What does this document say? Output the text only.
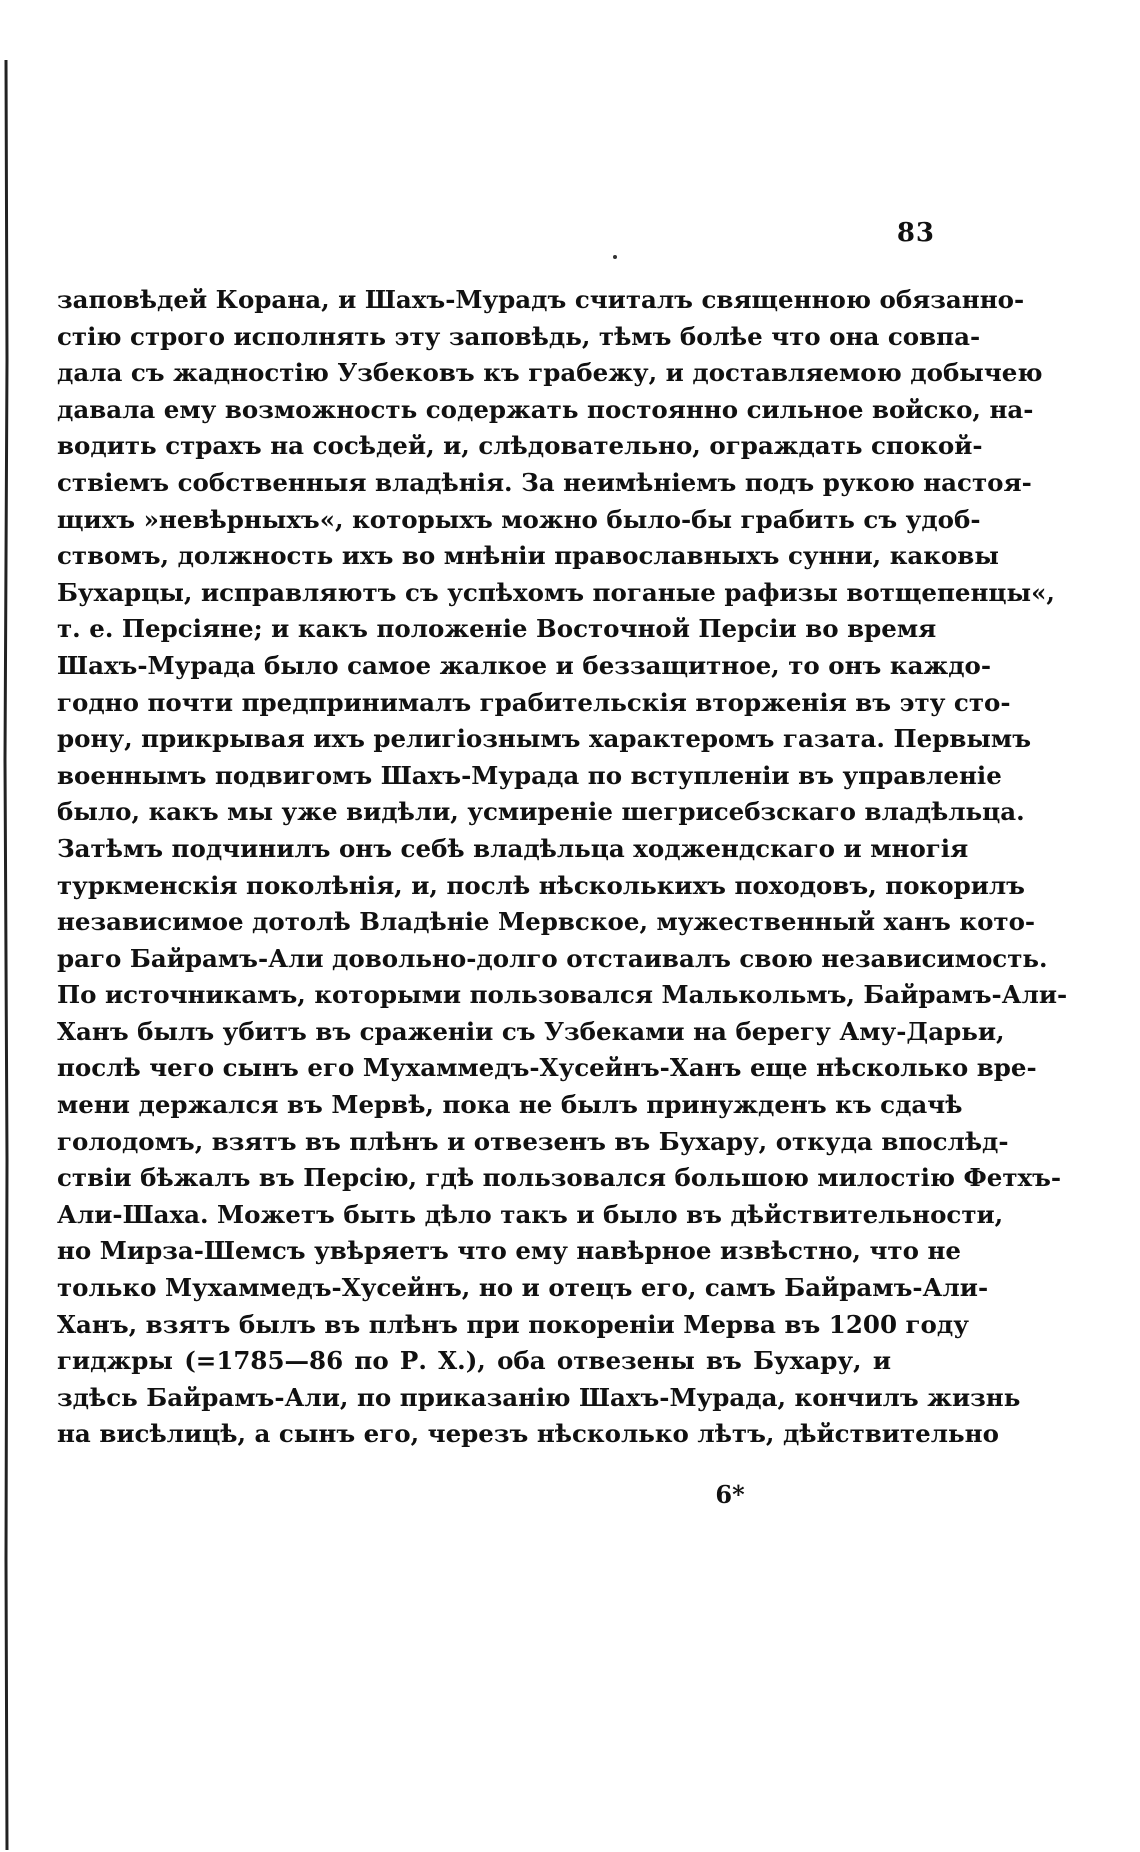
83
заповѣдей Корана, и Шахъ-Мурадъ считалъ священною обязанно-
стію строго исполнять эту заповѣдь, тѣмъ болѣе что она совпа-
дала съ жадностію Узбековъ къ грабежу, и доставляемою добычею
давала ему возможность содержать постоянно сильное войско, на-
водить страхъ на сосѣдей, и, слѣдовательно, ограждать спокой-
ствіемъ собственныя владѣнія. За неимѣніемъ подъ рукою настоя-
щихъ »невѣрныхъ«, которыхъ можно было-бы грабить съ удоб-
ствомъ, должность ихъ во мнѣніи православныхъ сунни, каковы
Бухарцы, исправляютъ съ успѣхомъ поганые рафизы вотщепенцы«,
т. е. Персіяне; и какъ положеніе Восточной Персіи во время
Шахъ-Мурада было самое жалкое и беззащитное, то онъ каждо-
годно почти предпринималъ грабительскія вторженія въ эту сто-
рону, прикрывая ихъ религіознымъ характеромъ газата. Первымъ
военнымъ подвигомъ Шахъ-Мурада по вступленіи въ управленіе
было, какъ мы уже видѣли, усмиреніе шегрисебзскаго владѣльца.
Затѣмъ подчинилъ онъ себѣ владѣльца ходжендскаго и многія
туркменскія поколѣнія, и, послѣ нѣсколькихъ походовъ, покорилъ
независимое дотолѣ Владѣніе Мервское, мужественный ханъ кото-
раго Байрамъ-Али довольно-долго отстаивалъ свою независимость.
По источникамъ, которыми пользовался Малькольмъ, Байрамъ-Али-
Ханъ былъ убитъ въ сраженіи съ Узбеками на берегу Аму-Дарьи,
послѣ чего сынъ его Мухаммедъ-Хусейнъ-Ханъ еще нѣсколько вре-
мени держался въ Мервѣ, пока не былъ принужденъ къ сдачѣ
голодомъ, взятъ въ плѣнъ и отвезенъ въ Бухару, откуда впослѣд-
ствіи бѣжалъ въ Персію, гдѣ пользовался большою милостію Фетхъ-
Али-Шаха. Можетъ быть дѣло такъ и было въ дѣйствительности,
но Мирза-Шемсъ увѣряетъ что ему навѣрное извѣстно, что не
только Мухаммедъ-Хусейнъ, но и отецъ его, самъ Байрамъ-Али-
Ханъ, взятъ былъ въ плѣнъ при покореніи Мерва въ 1200 году
гиджры (=1785—86 по Р. Х.), оба отвезены въ Бухару, и
здѣсь Байрамъ-Али, по приказанію Шахъ-Мурада, кончилъ жизнь
на висѣлицѣ, а сынъ его, черезъ нѣсколько лѣтъ, дѣйствительно
6*
